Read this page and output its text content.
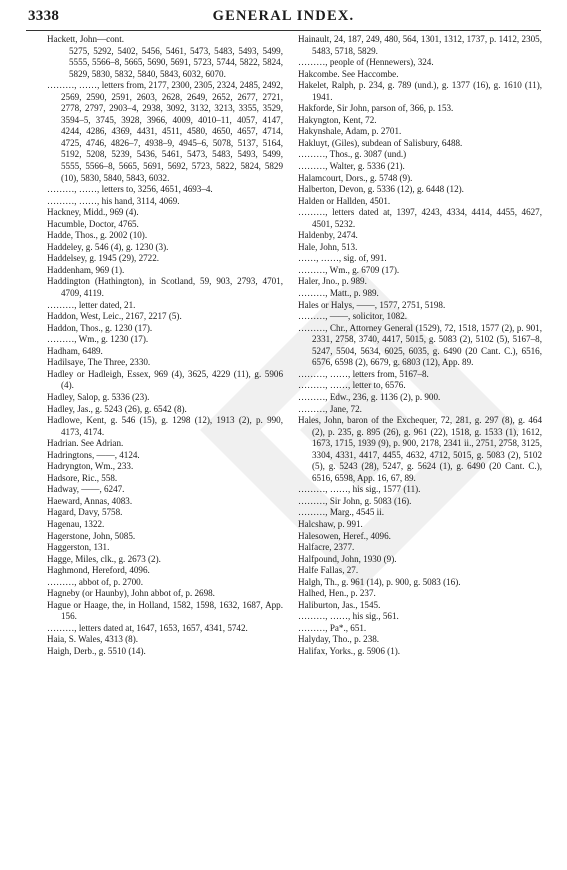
3338	GENERAL INDEX.

Hackett, John—cont.

5275, 5292, 5402, 5456, 5461, 5473, 5483, 5493, 5499, 5555, 5566–8, 5665, 5690, 5691, 5723, 5744, 5822, 5824, 5829, 5830, 5832, 5840, 5843, 6032, 6070.

………, ……, letters from, 2177, 2300, 2305, 2324, 2485, 2492, 2569, 2590, 2591, 2603, 2628, 2649, 2652, 2677, 2721, 2778, 2797, 2903–4, 2938, 3092, 3132, 3213, 3355, 3529, 3594–5, 3745, 3928, 3966, 4009, 4010–11, 4057, 4147, 4244, 4286, 4369, 4431, 4511, 4580, 4650, 4657, 4714, 4725, 4746, 4826–7, 4938–9, 4945–6, 5078, 5137, 5164, 5192, 5208, 5239, 5436, 5461, 5473, 5483, 5493, 5499, 5555, 5566–8, 5665, 5691, 5692, 5723, 5822, 5824, 5829 (10), 5830, 5840, 5843, 6032.

………, ……, letters to, 3256, 4651, 4693–4.

………, ……, his hand, 3114, 4069.

Hackney, Midd., 969 (4).

Hacumble, Doctor, 4765.

Hadde, Thos., g. 2002 (10).

Haddeley, g. 546 (4), g. 1230 (3).

Haddelsey, g. 1945 (29), 2722.

Haddenham, 969 (1).

Haddington (Hathington), in Scotland, 59, 903, 2793, 4701, 4709, 4119.

………, letter dated, 21.

Haddon, West, Leic., 2167, 2217 (5).

Haddon, Thos., g. 1230 (17).

………, Wm., g. 1230 (17).

Hadham, 6489.

Hadilsaye, The Three, 2330.

Hadley or Hadleigh, Essex, 969 (4), 3625, 4229 (11), g. 5906 (4).

Hadley, Salop, g. 5336 (23).

Hadley, Jas., g. 5243 (26), g. 6542 (8).

Hadlowe, Kent, g. 546 (15), g. 1298 (12), 1913 (2), p. 990, 4173, 4174.

Hadrian. See Adrian.

Hadringtons, ——, 4124.

Hadryngton, Wm., 233.

Hadsore, Ric., 558.

Hadway, ——, 6247.

Haeward, Annas, 4083.

Hagard, Davy, 5758.

Hagenau, 1322.

Hagerstone, John, 5085.

Haggerston, 131.

Hagge, Miles, clk., g. 2673 (2).

Haghmond, Hereford, 4096.

………, abbot of, p. 2700.

Hagneby (or Haunby), John abbot of, p. 2698.

Hague or Haage, the, in Holland, 1582, 1598, 1632, 1687, App. 156.

………, letters dated at, 1647, 1653, 1657, 4341, 5742.

Haia, S. Wales, 4313 (8).

Haigh, Derb., g. 5510 (14).

Hainault, 24, 187, 249, 480, 564, 1301, 1312, 1737, p. 1412, 2305, 5483, 5718, 5829.

………, people of (Hennewers), 324.

Hakcombe. See Haccombe.

Hakelet, Ralph, p. 234, g. 789 (und.), g. 1377 (16), g. 1610 (11), 1941.

Hakforde, Sir John, parson of, 366, p. 153.

Hakyngton, Kent, 72.

Hakynshale, Adam, p. 2701.

Hakluyt, (Giles), subdean of Salisbury, 6488.

………, Thos., g. 3087 (und.)

………, Walter, g. 5336 (21).

Halamcourt, Dors., g. 5748 (9).

Halberton, Devon, g. 5336 (12), g. 6448 (12).

Halden or Hallden, 4501.

………, letters dated at, 1397, 4243, 4334, 4414, 4455, 4627, 4501, 5232.

Haldenby, 2474.

Hale, John, 513.

……, ……, sig. of, 991.

………, Wm., g. 6709 (17).

Haler, Jno., p. 989.

………, Matt., p. 989.

Hales or Halys, ——, 1577, 2751, 5198.

………, ——, solicitor, 1082.

………, Chr., Attorney General (1529), 72, 1518, 1577 (2), p. 901, 2331, 2758, 3740, 4417, 5015, g. 5083 (2), 5102 (5), 5167–8, 5247, 5504, 5634, 6025, 6035, g. 6490 (20 Cant. C.), 6516, 6576, 6598 (2), 6679, g. 6803 (12), App. 89.

………, ……, letters from, 5167–8.

………, ……, letter to, 6576.

………, Edw., 236, g. 1136 (2), p. 900.

………, Jane, 72.

Hales, John, baron of the Exchequer, 72, 281, g. 297 (8), g. 464 (2), p. 235, g. 895 (26), g. 961 (22), 1518, g. 1533 (1), 1612, 1673, 1715, 1939 (9), p. 900, 2178, 2341 ii., 2751, 2758, 3125, 3304, 4331, 4417, 4455, 4632, 4712, 5015, g. 5083 (2), 5102 (5), g. 5243 (28), 5247, g. 5624 (1), g. 6490 (20 Cant. C.), 6516, 6598, App. 16, 67, 89.

………, ……, his sig., 1577 (11).

………, Sir John, g. 5083 (16).

………, Marg., 4545 ii.

Halcshaw, p. 991.

Halesowen, Heref., 4096.

Halfacre, 2377.

Halfpound, John, 1930 (9).

Halfe Fallas, 27.

Halgh, Th., g. 961 (14), p. 900, g. 5083 (16).

Halhed, Hen., p. 237.

Haliburton, Jas., 1545.

………, ……, his sig., 561.

………, Pa*., 651.

Halyday, Tho., p. 238.

Halifax, Yorks., g. 5906 (1).
